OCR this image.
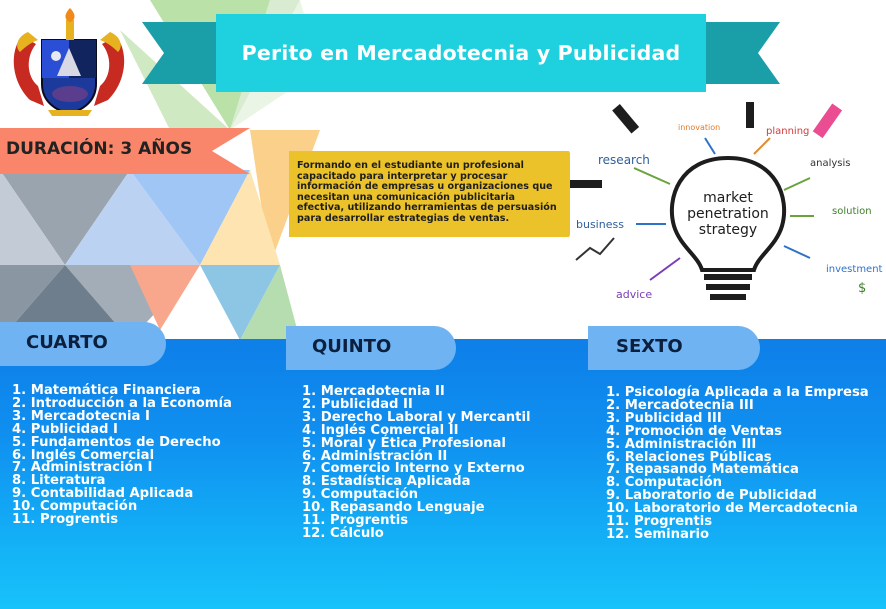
Perito en Mercadotecnia y Publicidad
DURACIÓN: 3 AÑOS
Formando en el estudiante un profesional capacitado para interpretar y procesar información de empresas u organizaciones que necesitan una comunicación publicitaria efectiva, utilizando herramientas de persuasión para desarrollar estrategias de ventas.
market
penetration
strategy
research
innovation	planning
analysis
business
solution
investment
advice	$
CUARTO	QUINTO	SEXTO
1. Matemática Financiera
2. Introducción a la Economía
3. Mercadotecnia I
4. Publicidad I
5. Fundamentos de Derecho
6. Inglés Comercial
7. Administración I
8. Literatura
9. Contabilidad Aplicada
10. Computación
11. Progrentis
1. Mercadotecnia II
2. Publicidad II
3. Derecho Laboral y Mercantil
4. Inglés Comercial II
5. Moral y Ética Profesional
6. Administración II
7. Comercio Interno y Externo
8. Estadística Aplicada
9. Computación
10. Repasando Lenguaje
11. Progrentis
12. Cálculo
1. Psicología Aplicada a la Empresa
2. Mercadotecnia III
3. Publicidad III
4. Promoción de Ventas
5. Administración III
6. Relaciones Públicas
7. Repasando Matemática
8. Computación
9. Laboratorio de Publicidad
10. Laboratorio de Mercadotecnia
11. Progrentis
12. Seminario
